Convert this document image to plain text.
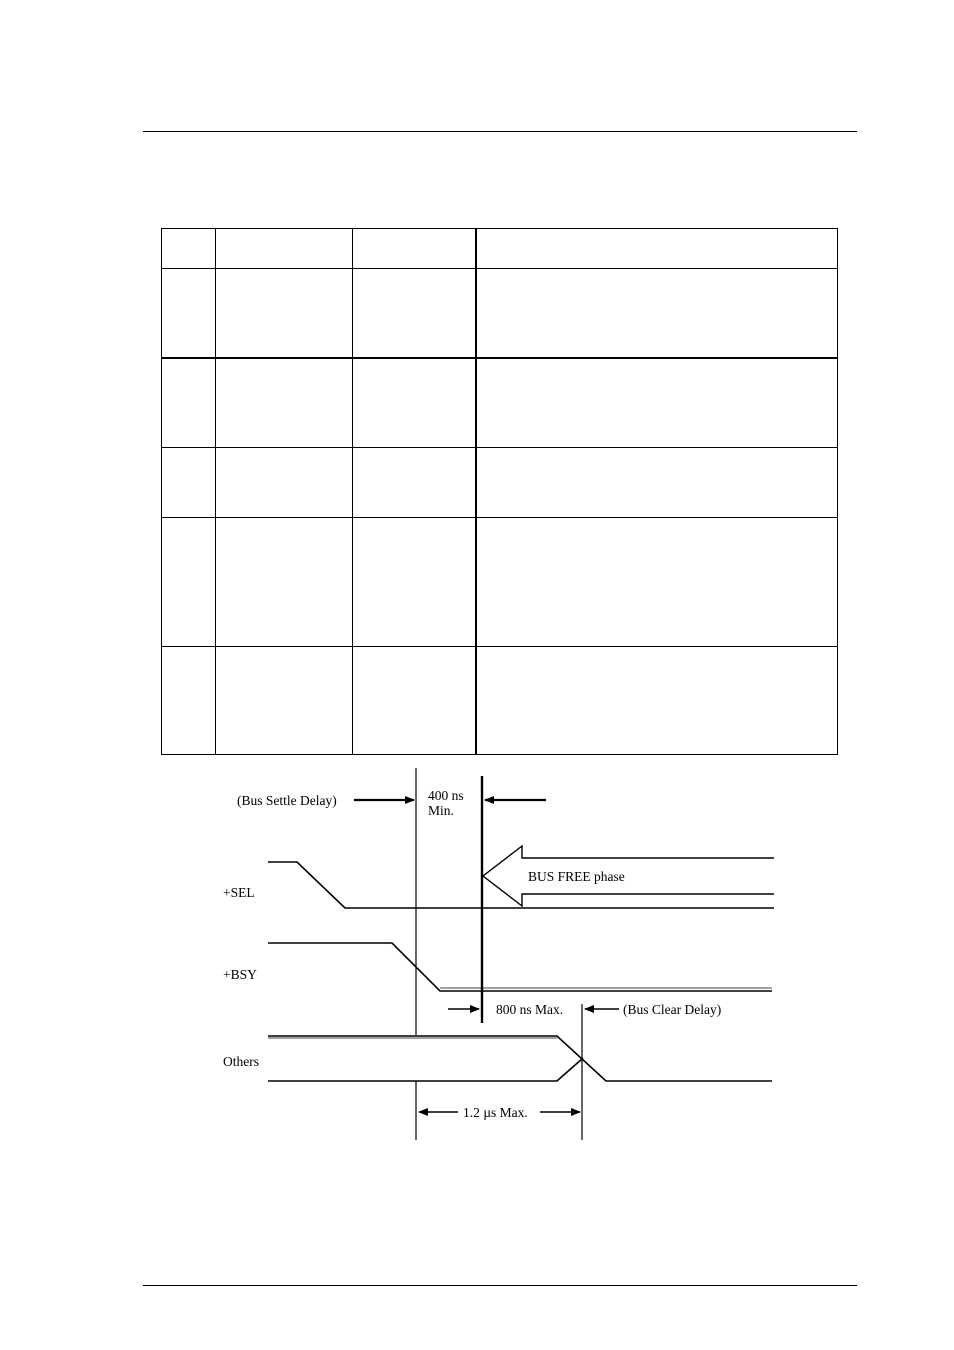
(Bus Settle Delay)	400 ns
Min.
BUS FREE phase
+SEL
+BSY
800 ns Max.	(Bus Clear Delay)
Others
1.2 µs Max.
